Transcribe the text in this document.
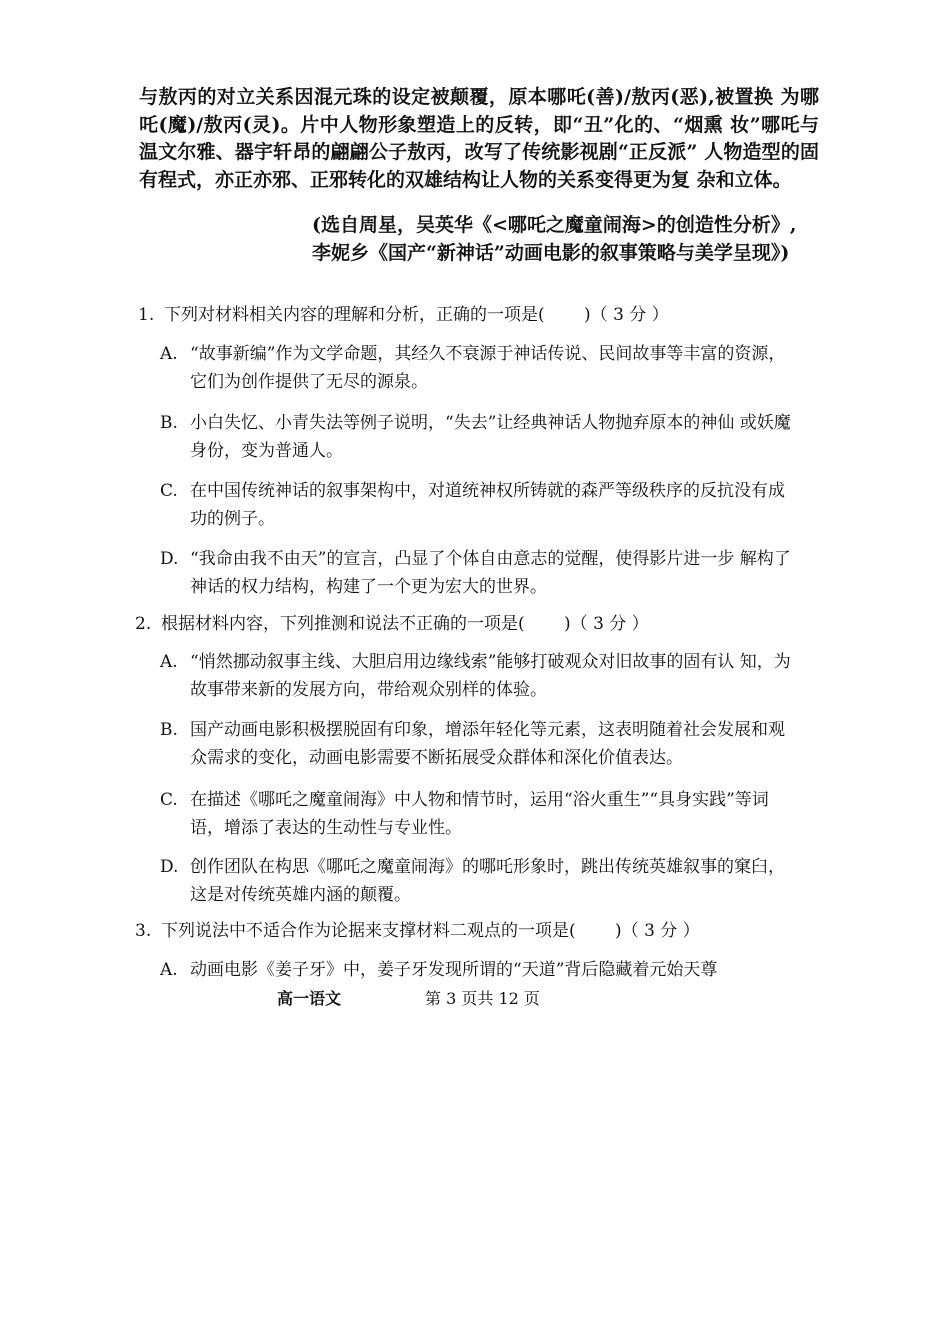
与敖丙的对立关系因混元珠的设定被颠覆，原本哪吒(善)/敖丙(恶),被置换 为哪吒(魔)/敖丙(灵)。片中人物形象塑造上的反转，即“丑”化的、“烟熏 妆”哪吒与温文尔雅、器宇轩昂的翩翩公子敖丙，改写了传统影视剧“正反派” 人物造型的固有程式，亦正亦邪、正邪转化的双雄结构让人物的关系变得更为复 杂和立体。
(选自周星，吴英华《<哪吒之魔童闹海>的创造性分析》,李妮乡《国产“新神话”动画电影的叙事策略与美学呈现》)
1. 下列对材料相关内容的理解和分析，正确的一项是(　　 )（ 3 分 ）
A. “故事新编”作为文学命题，其经久不衰源于神话传说、民间故事等丰富的资源，它们为创作提供了无尽的源泉。
B. 小白失忆、小青失法等例子说明，“失去”让经典神话人物抛弃原本的神仙 或妖魔身份，变为普通人。
C. 在中国传统神话的叙事架构中，对道统神权所铸就的森严等级秩序的反抗没有成功的例子。
D. “我命由我不由天”的宣言，凸显了个体自由意志的觉醒，使得影片进一步 解构了神话的权力结构，构建了一个更为宏大的世界。
2. 根据材料内容，下列推测和说法不正确的一项是(　　 )（ 3 分 ）
A. “悄然挪动叙事主线、大胆启用边缘线索”能够打破观众对旧故事的固有认 知，为故事带来新的发展方向，带给观众别样的体验。
B. 国产动画电影积极摆脱固有印象，增添年轻化等元素，这表明随着社会发展和观众需求的变化，动画电影需要不断拓展受众群体和深化价值表达。
C. 在描述《哪吒之魔童闹海》中人物和情节时，运用“浴火重生”“具身实践”等词语，增添了表达的生动性与专业性。
D. 创作团队在构思《哪吒之魔童闹海》的哪吒形象时，跳出传统英雄叙事的窠臼，这是对传统英雄内涵的颠覆。
3. 下列说法中不适合作为论据来支撑材料二观点的一项是(　　 )（ 3 分 ）
A. 动画电影《姜子牙》中，姜子牙发现所谓的“天道”背后隐藏着元始天尊
高一语文	第 3 页共 12 页
